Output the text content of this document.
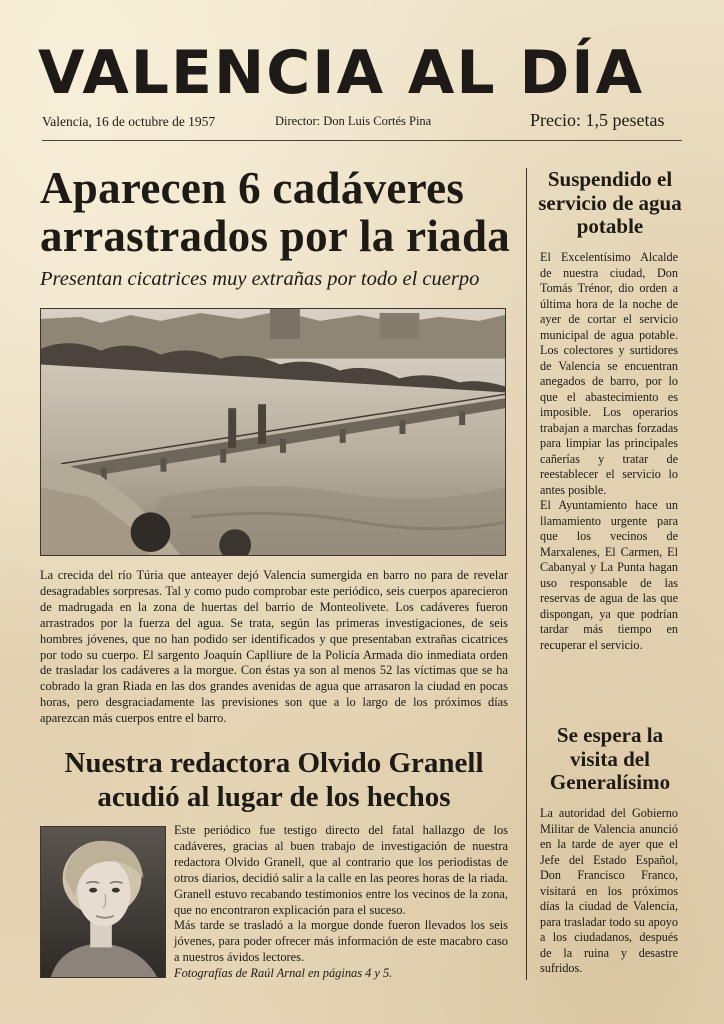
VALENCIA AL DÍA
Valencia, 16 de octubre de 1957	Director: Don Luis Cortés Pina	Precio: 1,5 pesetas
Aparecen 6 cadáveres arrastrados por la riada
Presentan cicatrices muy extrañas por todo el cuerpo
La crecida del río Túria que anteayer dejó Valencia sumergida en barro no para de revelar desagradables sorpresas. Tal y como pudo comprobar este periódico, seis cuerpos aparecieron de madrugada en la zona de huertas del barrio de Monteolivete. Los cadáveres fueron arrastrados por la fuerza del agua. Se trata, según las primeras investigaciones, de seis hombres jóvenes, que no han podido ser identificados y que presentaban extrañas cicatrices por todo su cuerpo. El sargento Joaquín Caplliure de la Policía Armada dio inmediata orden de trasladar los cadáveres a la morgue. Con éstas ya son al menos 52 las víctimas que se ha cobrado la gran Riada en las dos grandes avenidas de agua que arrasaron la ciudad en pocas horas, pero desgraciadamente las previsiones son que a lo largo de los próximos días aparezcan más cuerpos entre el barro.
Nuestra redactora Olvido Granell acudió al lugar de los hechos

Este periódico fue testigo directo del fatal hallazgo de los cadáveres, gracias al buen trabajo de investigación de nuestra redactora Olvido Granell, que al contrario que los periodistas de otros diarios, decidió salir a la calle en las peores horas de la riada. Granell estuvo recabando testimonios entre los vecinos de la zona, que no encontraron explicación para el suceso.

Más tarde se trasladó a la morgue donde fueron llevados los seis jóvenes, para poder ofrecer más información de este macabro caso a nuestros ávidos lectores.

Fotografías de Raúl Arnal en páginas 4 y 5.

Suspendido el servicio de agua potable

El Excelentísimo Alcalde de nuestra ciudad, Don Tomás Trénor, dio orden a última hora de la noche de ayer de cortar el servicio municipal de agua potable. Los colectores y surtidores de Valencia se encuentran anegados de barro, por lo que el abastecimiento es imposible. Los operarios trabajan a marchas forzadas para limpiar las principales cañerías y tratar de reestablecer el servicio lo antes posible.

El Ayuntamiento hace un llamamiento urgente para que los vecinos de Marxalenes, El Carmen, El Cabanyal y La Punta hagan uso responsable de las reservas de agua de las que dispongan, ya que podrían tardar más tiempo en recuperar el servicio.

Se espera la visita del Generalísimo

La autoridad del Gobierno Militar de Valencia anunció en la tarde de ayer que el Jefe del Estado Español, Don Francisco Franco, visitará en los próximos días la ciudad de Valencia, para trasladar todo su apoyo a los ciudadanos, después de la ruina y desastre sufridos.
